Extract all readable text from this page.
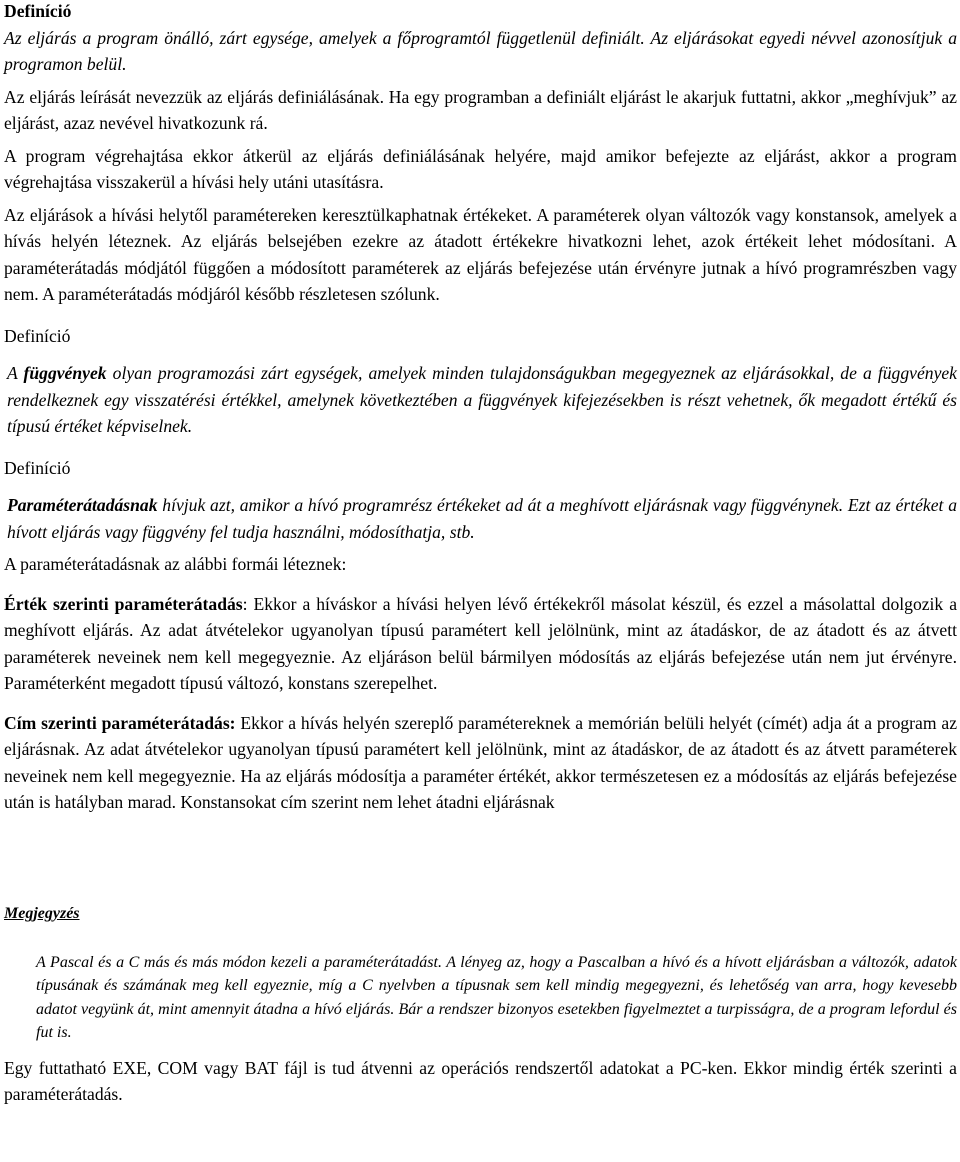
Definíció

Az eljárás a program önálló, zárt egysége, amelyek a főprogramtól függetlenül definiált. Az eljárásokat egyedi névvel azonosítjuk a programon belül.

Az eljárás leírását nevezzük az eljárás definiálásának. Ha egy programban a definiált eljárást le akarjuk futtatni, akkor „meghívjuk” az eljárást, azaz nevével hivatkozunk rá.

A program végrehajtása ekkor átkerül az eljárás definiálásának helyére, majd amikor befejezte az eljárást, akkor a program végrehajtása visszakerül a hívási hely utáni utasításra.

Az eljárások a hívási helytől paramétereken keresztülkaphatnak értékeket. A paraméterek olyan változók vagy konstansok, amelyek a hívás helyén léteznek. Az eljárás belsejében ezekre az átadott értékekre hivatkozni lehet, azok értékeit lehet módosítani. A paraméterátadás módjától függően a módosított paraméterek az eljárás befejezése után érvényre jutnak a hívó programrészben vagy nem. A paraméterátadás módjáról később részletesen szólunk.

Definíció

A függvények olyan programozási zárt egységek, amelyek minden tulajdonságukban megegyeznek az eljárásokkal, de a függvények rendelkeznek egy visszatérési értékkel, amelynek következtében a függvények kifejezésekben is részt vehetnek, ők megadott értékű és típusú értéket képviselnek.

Definíció

Paraméterátadásnak hívjuk azt, amikor a hívó programrész értékeket ad át a meghívott eljárásnak vagy függvénynek. Ezt az értéket a hívott eljárás vagy függvény fel tudja használni, módosíthatja, stb.

A paraméterátadásnak az alábbi formái léteznek:

Érték szerinti paraméterátadás: Ekkor a híváskor a hívási helyen lévő értékekről másolat készül, és ezzel a másolattal dolgozik a meghívott eljárás. Az adat átvételekor ugyanolyan típusú paramétert kell jelölnünk, mint az átadáskor, de az átadott és az átvett paraméterek neveinek nem kell megegyeznie. Az eljáráson belül bármilyen módosítás az eljárás befejezése után nem jut érvényre. Paraméterként megadott típusú változó, konstans szerepelhet.

Cím szerinti paraméterátadás: Ekkor a hívás helyén szereplő paramétereknek a memórián belüli helyét (címét) adja át a program az eljárásnak. Az adat átvételekor ugyanolyan típusú paramétert kell jelölnünk, mint az átadáskor, de az átadott és az átvett paraméterek neveinek nem kell megegyeznie. Ha az eljárás módosítja a paraméter értékét, akkor természetesen ez a módosítás az eljárás befejezése után is hatályban marad. Konstansokat cím szerint nem lehet átadni eljárásnak

Megjegyzés

A Pascal és a C más és más módon kezeli a paraméterátadást. A lényeg az, hogy a Pascalban a hívó és a hívott eljárásban a változók, adatok típusának és számának meg kell egyeznie, míg a C nyelvben a típusnak sem kell mindig megegyezni, és lehetőség van arra, hogy kevesebb adatot vegyünk át, mint amennyit átadna a hívó eljárás. Bár a rendszer bizonyos esetekben figyelmeztet a turpisságra, de a program lefordul és fut is.

Egy futtatható EXE, COM vagy BAT fájl is tud átvenni az operációs rendszertől adatokat a PC-ken. Ekkor mindig érték szerinti a paraméterátadás.
